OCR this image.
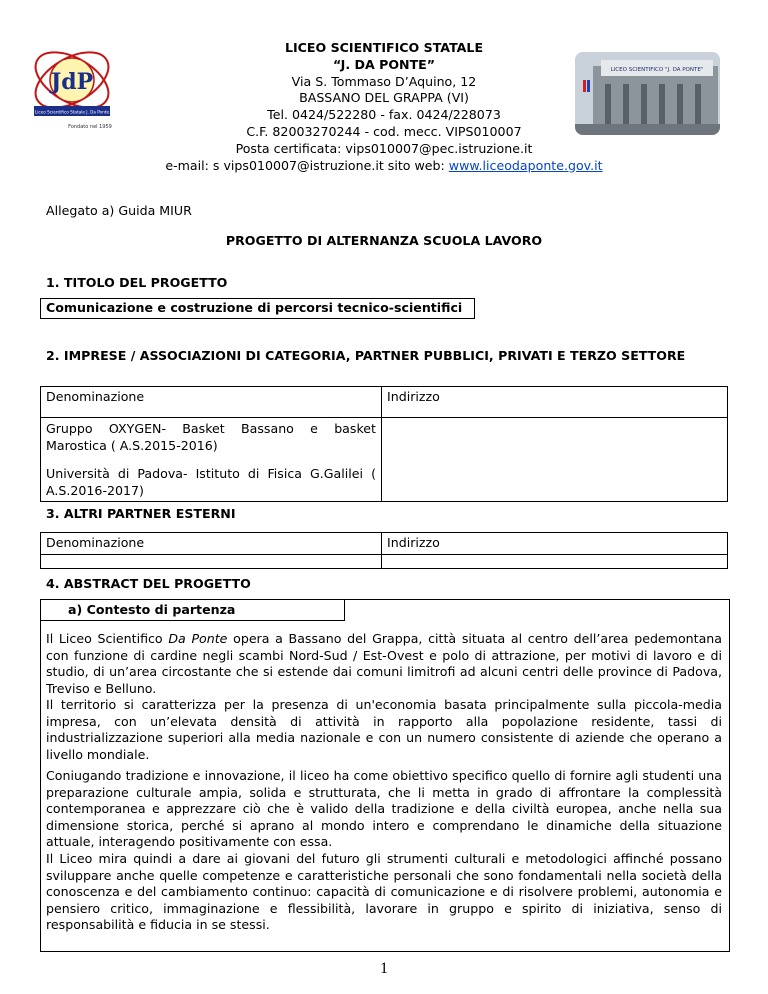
JdP
Liceo Scientifico Statale J. Da Ponte
Fondato nel 1959
LICEO SCIENTIFICO "J. DA PONTE"
LICEO SCIENTIFICO STATALE
“J. DA PONTE”
Via S. Tommaso D’Aquino, 12
BASSANO DEL GRAPPA (VI)
Tel. 0424/522280 - fax. 0424/228073
C.F. 82003270244 - cod. mecc. VIPS010007
Posta certificata: vips010007@pec.istruzione.it
e-mail: s vips010007@istruzione.it sito web: www.liceodaponte.gov.it
Allegato a) Guida MIUR
PROGETTO DI ALTERNANZA SCUOLA LAVORO
1. TITOLO DEL PROGETTO
Comunicazione e costruzione di percorsi tecnico-scientifici
2. IMPRESE / ASSOCIAZIONI DI CATEGORIA, PARTNER PUBBLICI, PRIVATI E TERZO SETTORE
Denominazione	Indirizzo

Gruppo OXYGEN- Basket Bassano e basket Marostica ( A.S.2015-2016)
Università di Padova- Istituto di Fisica G.Galilei ( A.S.2016-2017)	

3. ALTRI PARTNER ESTERNI
Denominazione	Indirizzo

4. ABSTRACT DEL PROGETTO
a) Contesto di partenza

Il Liceo Scientifico Da Ponte opera a Bassano del Grappa, città situata al centro dell’area pedemontana con funzione di cardine negli scambi Nord-Sud / Est-Ovest e polo di attrazione, per motivi di lavoro e di studio, di un’area circostante che si estende dai comuni limitrofi ad alcuni centri delle province di Padova, Treviso e Belluno.

Il territorio si caratterizza per la presenza di un'economia basata principalmente sulla piccola-media impresa, con un’elevata densità di attività in rapporto alla popolazione residente, tassi di industrializzazione superiori alla media nazionale e con un numero consistente di aziende che operano a livello mondiale.

Coniugando tradizione e innovazione, il liceo ha come obiettivo specifico quello di fornire agli studenti una preparazione culturale ampia, solida e strutturata, che li metta in grado di affrontare la complessità contemporanea e apprezzare ciò che è valido della tradizione e della civiltà europea, anche nella sua dimensione storica, perché si aprano al mondo intero e comprendano le dinamiche della situazione attuale, interagendo positivamente con essa.

Il Liceo mira quindi a dare ai giovani del futuro gli strumenti culturali e metodologici affinché possano sviluppare anche quelle competenze e caratteristiche personali che sono fondamentali nella società della conoscenza e del cambiamento continuo: capacità di comunicazione e di risolvere problemi, autonomia e pensiero critico, immaginazione e flessibilità, lavorare in gruppo e spirito di iniziativa, senso di responsabilità e fiducia in se stessi.

1
